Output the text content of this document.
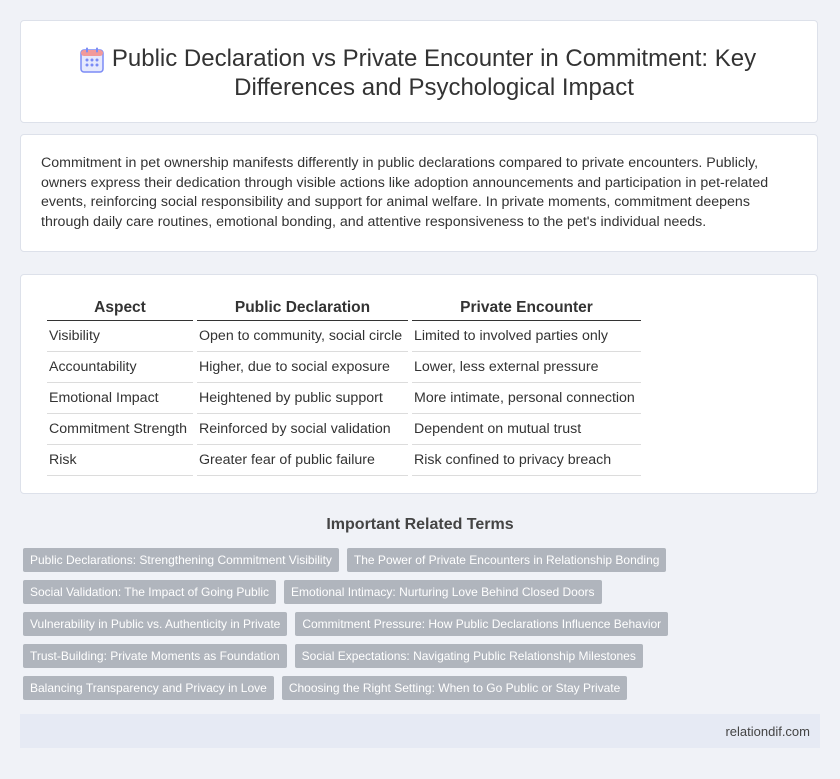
Public Declaration vs Private Encounter in Commitment: Key Differences and Psychological Impact

Commitment in pet ownership manifests differently in public declarations compared to private encounters. Publicly, owners express their dedication through visible actions like adoption announcements and participation in pet-related events, reinforcing social responsibility and support for animal welfare. In private moments, commitment deepens through daily care routines, emotional bonding, and attentive responsiveness to the pet's individual needs.

Aspect	Public Declaration	Private Encounter
Visibility	Open to community, social circle	Limited to involved parties only
Accountability	Higher, due to social exposure	Lower, less external pressure
Emotional Impact	Heightened by public support	More intimate, personal connection
Commitment Strength	Reinforced by social validation	Dependent on mutual trust
Risk	Greater fear of public failure	Risk confined to privacy breach
Important Related Terms
Public Declarations: Strengthening Commitment Visibility	The Power of Private Encounters in Relationship Bonding
Social Validation: The Impact of Going Public	Emotional Intimacy: Nurturing Love Behind Closed Doors
Vulnerability in Public vs. Authenticity in Private	Commitment Pressure: How Public Declarations Influence Behavior
Trust-Building: Private Moments as Foundation	Social Expectations: Navigating Public Relationship Milestones
Balancing Transparency and Privacy in Love	Choosing the Right Setting: When to Go Public or Stay Private
relationdif.com
